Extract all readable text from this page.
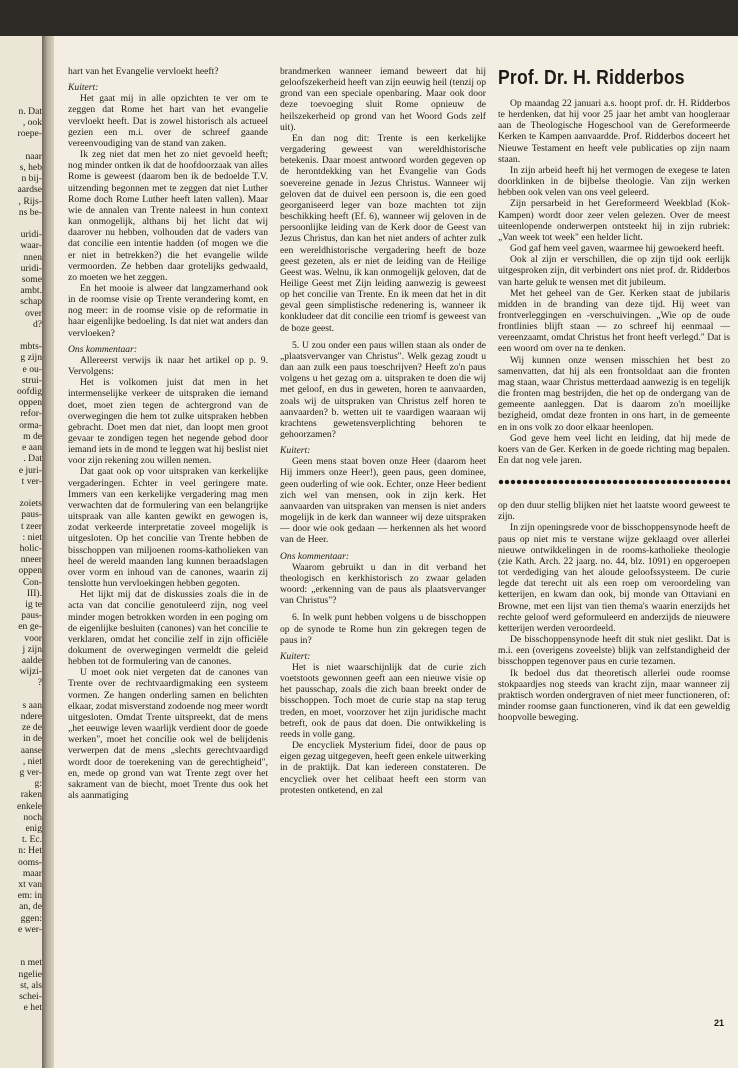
n. Dat
, ook
roepe-

naar
s, heb
n bij-
aardse
, Rijs-
ns be-

uridi-
waar-
nnen
uridi-
some
ambt.
schap
over
d?

mbts-
g zijn
e ou-
strui-
oofdig
oppen
refor-
orma-
m de
e aan
. Dat
e juri-
t ver-

zoiets
paus-
t zeer
: niet
holic-
nneer
oppen
Con-
III).
ig te
paus-
en ge-
voor
j zijn
aalde
wijzi-
?

s aan
ndere
ze de
in de
aanse
, niet
g ver-
g:
raken
enkele
noch
enig
t. Ec.
n: Het
ooms-
maar
xt van
em: in
an, de
ggen:
e wer-

n met
ngelie
st, als
schei-
e het

hart van het Evangelie vervloekt heeft?

Kuitert:

Het gaat mij in alle opzichten te ver om te zeggen dat Rome het hart van het evangelie vervloekt heeft. Dat is zowel historisch als actueel gezien een m.i. over de schreef gaande vereenvoudiging van de stand van zaken.

Ik zeg niet dat men het zo niet gevoeld heeft; nog minder ontken ik dat de hoofdoorzaak van alles Rome is geweest (daarom ben ik de bedoelde T.V. uitzending begonnen met te zeggen dat niet Luther Rome doch Rome Luther heeft laten vallen). Maar wie de annalen van Trente naleest in hun context kan onmogelijk, althans bij het licht dat wij daarover nu hebben, volhouden dat de vaders van dat concilie een intentie hadden (of mogen we die er niet in betrekken?) die het evangelie wilde vermoorden. Ze hebben daar grotelijks gedwaald, zo moeten we het zeggen.

En het mooie is alweer dat langzamerhand ook in de roomse visie op Trente verandering komt, en nog meer: in de roomse visie op de reformatie in haar eigenlijke bedoeling. Is dat niet wat anders dan vervloeken?

Ons kommentaar:

Allereerst verwijs ik naar het artikel op p. 9. Vervolgens:

Het is volkomen juist dat men in het intermenselijke verkeer de uitspraken die iemand doet, moet zien tegen de achtergrond van de overwegingen die hem tot zulke uitspraken hebben gebracht. Doet men dat niet, dan loopt men groot gevaar te zondigen tegen het negende gebod door iemand iets in de mond te leggen wat hij beslist niet voor zijn rekening zou willen nemen.

Dat gaat ook op voor uitspraken van kerkelijke vergaderingen. Echter in veel geringere mate. Immers van een kerkelijke vergadering mag men verwachten dat de formulering van een belangrijke uitspraak van alle kanten gewikt en gewogen is, zodat verkeerde interpretatie zoveel mogelijk is uitgesloten. Op het concilie van Trente hebben de bisschoppen van miljoenen rooms-katholieken van heel de wereld maanden lang kunnen beraadslagen over vorm en inhoud van de canones, waarin zij tenslotte hun vervloekingen hebben gegoten.

Het lijkt mij dat de diskussies zoals die in de acta van dat concilie genotuleerd zijn, nog veel minder mogen betrokken worden in een poging om de eigenlijke besluiten (canones) van het concilie te verklaren, omdat het concilie zelf in zijn officiële dokument de overwegingen vermeldt die geleid hebben tot de formulering van de canones.

U moet ook niet vergeten dat de canones van Trente over de rechtvaardigmaking een systeem vormen. Ze hangen onderling samen en belichten elkaar, zodat misverstand zodoende nog meer wordt uitgesloten. Omdat Trente uitspreekt, dat de mens „het eeuwige leven waarlijk verdient door de goede werken", moet het concilie ook wel de belijdenis verwerpen dat de mens „slechts gerechtvaardigd wordt door de toerekening van de gerechtigheid", en, mede op grond van wat Trente zegt over het sakrament van de biecht, moet Trente dus ook het als aanmatiging

brandmerken wanneer iemand beweert dat hij geloofszekerheid heeft van zijn eeuwig heil (tenzij op grond van een speciale openbaring. Maar ook door deze toevoeging sluit Rome opnieuw de heilszekerheid op grond van het Woord Gods zelf uit).

En dan nog dit: Trente is een kerkelijke vergadering geweest van wereldhistorische betekenis. Daar moest antwoord worden gegeven op de herontdekking van het Evangelie van Gods soevereine genade in Jezus Christus. Wanneer wij geloven dat de duivel een persoon is, die een goed georganiseerd leger van boze machten tot zijn beschikking heeft (Ef. 6), wanneer wij geloven in de persoonlijke leiding van de Kerk door de Geest van Jezus Christus, dan kan het niet anders of achter zulk een wereldhistorische vergadering heeft de boze geest gezeten, als er niet de leiding van de Heilige Geest was. Welnu, ik kan onmogelijk geloven, dat de Heilige Geest met Zijn leiding aanwezig is geweest op het concilie van Trente. En ik meen dat het in dit geval geen simplistische redenering is, wanneer ik konkludeer dat dit concilie een triomf is geweest van de boze geest.

5. U zou onder een paus willen staan als onder de „plaatsvervanger van Christus". Welk gezag zoudt u dan aan zulk een paus toeschrijven? Heeft zo'n paus volgens u het gezag om a. uitspraken te doen die wij met geloof, en dus in geweten, horen te aanvaarden, zoals wij de uitspraken van Christus zelf horen te aanvaarden? b. wetten uit te vaardigen waaraan wij krachtens gewetensverplichting behoren te gehoorzamen?

Kuitert:

Geen mens staat boven onze Heer (daarom heet Hij immers onze Heer!), geen paus, geen dominee, geen ouderling of wie ook. Echter, onze Heer bedient zich wel van mensen, ook in zijn kerk. Het aanvaarden van uitspraken van mensen is niet anders mogelijk in de kerk dan wanneer wij deze uitspraken — door wie ook gedaan — herkennen als het woord van de Heer.

Ons kommentaar:

Waarom gebruikt u dan in dit verband het theologisch en kerkhistorisch zo zwaar geladen woord: „erkenning van de paus als plaatsvervanger van Christus"?

6. In welk punt hebben volgens u de bisschoppen op de synode te Rome hun zin gekregen tegen de paus in?

Kuitert:

Het is niet waarschijnlijk dat de curie zich voetstoots gewonnen geeft aan een nieuwe visie op het pausschap, zoals die zich baan breekt onder de bisschoppen. Toch moet de curie stap na stap terug treden, en moet, voorzover het zijn juridische macht betreft, ook de paus dat doen. Die ontwikkeling is reeds in volle gang.

De encycliek Mysterium fidei, door de paus op eigen gezag uitgegeven, heeft geen enkele uitwerking in de praktijk. Dat kan iedereen constateren. De encycliek over het celibaat heeft een storm van protesten ontketend, en zal

Prof. Dr. H. Ridderbos

Op maandag 22 januari a.s. hoopt prof. dr. H. Ridderbos te herdenken, dat hij voor 25 jaar het ambt van hoogleraar aan de Theologische Hogeschool van de Gereformeerde Kerken te Kampen aanvaardde. Prof. Ridderbos doceert het Nieuwe Testament en heeft vele publicaties op zijn naam staan.

In zijn arbeid heeft hij het vermogen de exegese te laten doorklinken in de bijbelse theologie. Van zijn werken hebben ook velen van ons veel geleerd.

Zijn persarbeid in het Gereformeerd Weekblad (Kok-Kampen) wordt door zeer velen gelezen. Over de meest uiteenlopende onderwerpen ontsteekt hij in zijn rubriek: „Van week tot week" een helder licht.

God gaf hem veel gaven, waarmee hij gewoekerd heeft.

Ook al zijn er verschillen, die op zijn tijd ook eerlijk uitgesproken zijn, dit verbindert ons niet prof. dr. Ridderbos van harte geluk te wensen met dit jubileum.

Met het geheel van de Ger. Kerken staat de jubilaris midden in de branding van deze tijd. Hij weet van frontverleggingen en -verschuivingen. „Wie op de oude frontlinies blijft staan — zo schreef hij eenmaal — vereenzaamt, omdat Christus het front heeft verlegd." Dat is een woord om over na te denken.

Wij kunnen onze wensen misschien het best zo samenvatten, dat hij als een frontsoldaat aan die fronten mag staan, waar Christus metterdaad aanwezig is en tegelijk die fronten mag bestrijden, die het op de ondergang van de gemeente aanleggen. Dat is daarom zo'n moeilijke bezigheid, omdat deze fronten in ons hart, in de gemeente en in ons volk zo door elkaar heenlopen.

God geve hem veel licht en leiding, dat hij mede de koers van de Ger. Kerken in de goede richting mag bepalen. En dat nog vele jaren.

op den duur stellig blijken niet het laatste woord geweest te zijn.

In zijn openingsrede voor de bisschoppensynode heeft de paus op niet mis te verstane wijze geklaagd over allerlei nieuwe ontwikkelingen in de rooms-katholieke theologie (zie Kath. Arch. 22 jaarg. no. 44, blz. 1091) en opgeroepen tot verdediging van het aloude geloofssysteem. De curie legde dat terecht uit als een roep om veroordeling van ketterijen, en kwam dan ook, bij monde van Ottaviani en Browne, met een lijst van tien thema's waarin enerzijds het rechte geloof werd geformuleerd en anderzijds de nieuwere ketterijen werden veroordeeld.

De bisschoppensynode heeft dit stuk niet geslikt. Dat is m.i. een (overigens zoveelste) blijk van zelfstandigheid der bisschoppen tegenover paus en curie tezamen.

Ik bedoel dus dat theoretisch allerlei oude roomse stokpaardjes nog steeds van kracht zijn, maar wanneer zij praktisch worden ondergraven of niet meer functioneren, of: minder roomse gaan functioneren, vind ik dat een geweldig hoopvolle beweging.

21
